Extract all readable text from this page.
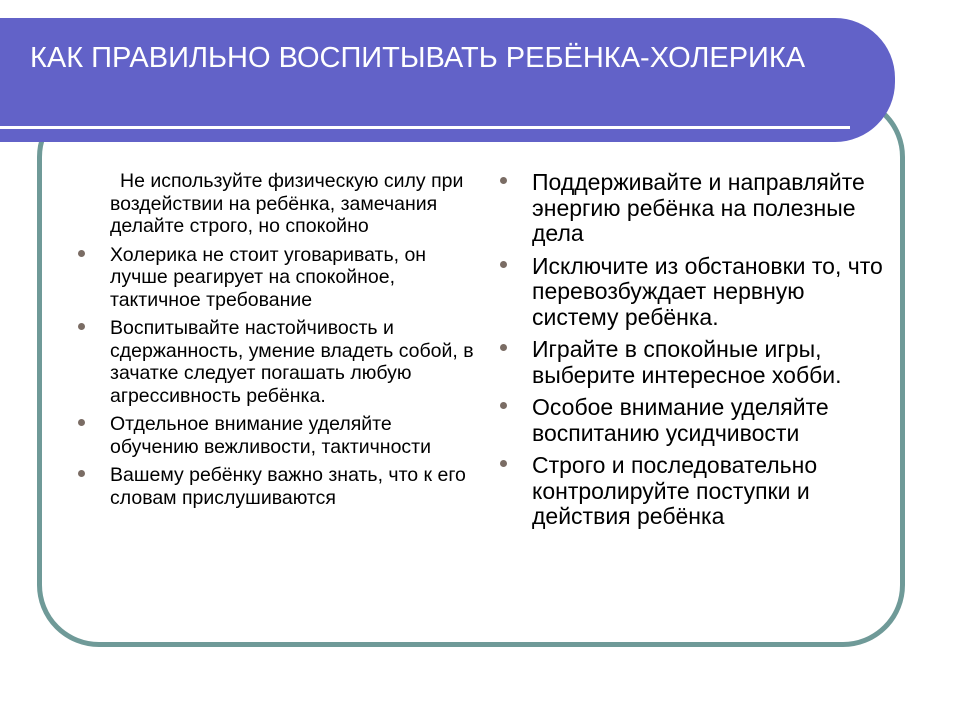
КАК ПРАВИЛЬНО ВОСПИТЫВАТЬ РЕБЁНКА-ХОЛЕРИКА
Не используйте физическую силу при воздействии на ребёнка, замечания делайте строго, но спокойно
Холерика не стоит уговаривать, он лучше реагирует на спокойное, тактичное требование
Воспитывайте настойчивость и сдержанность, умение владеть собой, в зачатке следует погашать любую агрессивность ребёнка.
Отдельное внимание уделяйте обучению вежливости, тактичности
Вашему ребёнку важно знать, что к его словам прислушиваются
Поддерживайте и направляйте энергию ребёнка на полезные дела
Исключите из обстановки то, что перевозбуждает нервную систему ребёнка.
Играйте в спокойные игры, выберите интересное хобби.
Особое внимание уделяйте воспитанию усидчивости
Строго и последовательно контролируйте поступки и действия ребёнка
